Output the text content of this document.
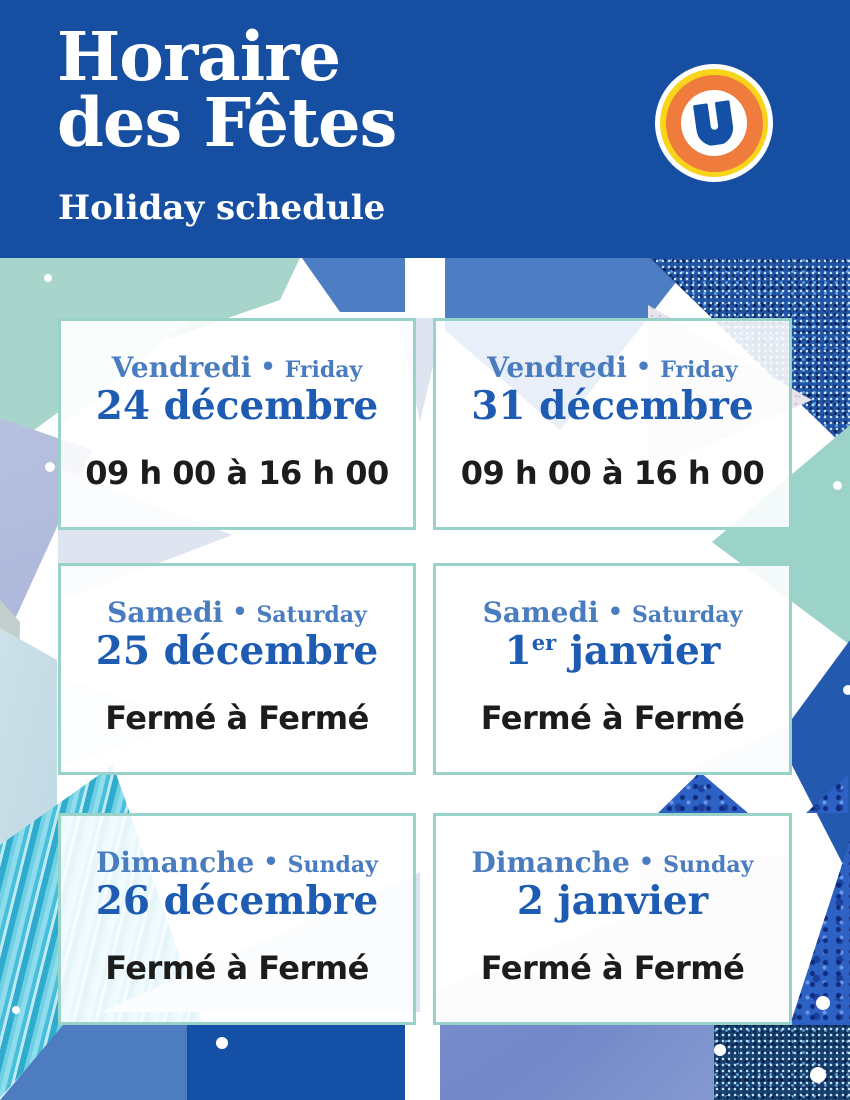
Vendredi • Friday
24 décembre
09 h 00 à 16 h 00
Vendredi • Friday
31 décembre
09 h 00 à 16 h 00
Samedi • Saturday
25 décembre
Fermé à Fermé
Samedi • Saturday
1er janvier
Fermé à Fermé
Dimanche • Sunday
26 décembre
Fermé à Fermé
Dimanche • Sunday
2 janvier
Fermé à Fermé
Horaire
des Fêtes
Holiday schedule
